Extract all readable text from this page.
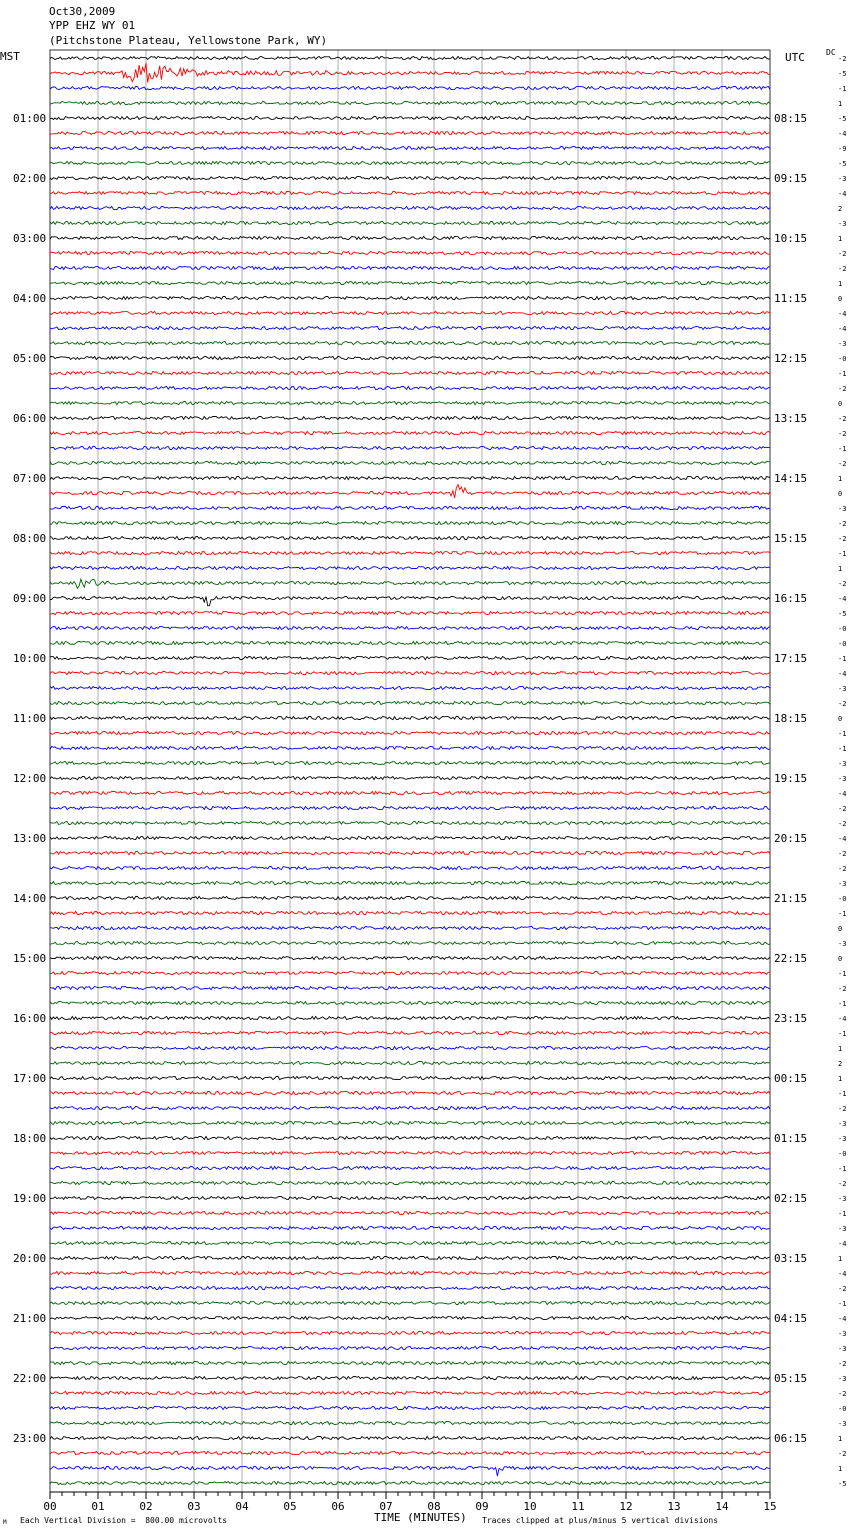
Oct30,2009
YPP EHZ WY 01
(Pitchstone Plateau, Yellowstone Park, WY)
MST	UTC	DC
-2
-5
-1
1
-5
-4
-9
-5
-3
-4
2
-3
1
-2
-2
1
0
-4
-4
-3
-0
-1
-2
0
-2
-2
-1
-2
1
0
-3
-2
-2
-1
1
-2
-4
-5
-0
-0
-1
-4
-3
-2
0
-1
-1
-3
-3
-4
-2
-2
-4
-2
-2
-3
-0
-1
0
-3
0
-1
-2
-1
-4
-1
1
2
1
-1
-2
-3
-3
-0
-1
-2
-3
-1
-3
-4
1
-4
-2
-1
-4
-3
-3
-2
-3
-2
-0
-3
1
-2
1
-5
01:00	08:15
02:00	09:15
03:00	10:15
04:00	11:15
05:00	12:15
06:00	13:15
07:00	14:15
08:00	15:15
09:00	16:15
10:00	17:15
11:00	18:15
12:00	19:15
13:00	20:15
14:00	21:15
15:00	22:15
16:00	23:15
17:00	00:15
18:00	01:15
19:00	02:15
20:00	03:15
21:00	04:15
22:00	05:15
23:00	06:15
00	01	02	03	04	05	06	07	08	09	10	11	12	13	14	15
TIME (MINUTES)
Each Vertical Division =  800.00 microvolts	Traces clipped at plus/minus 5 vertical divisions
M
